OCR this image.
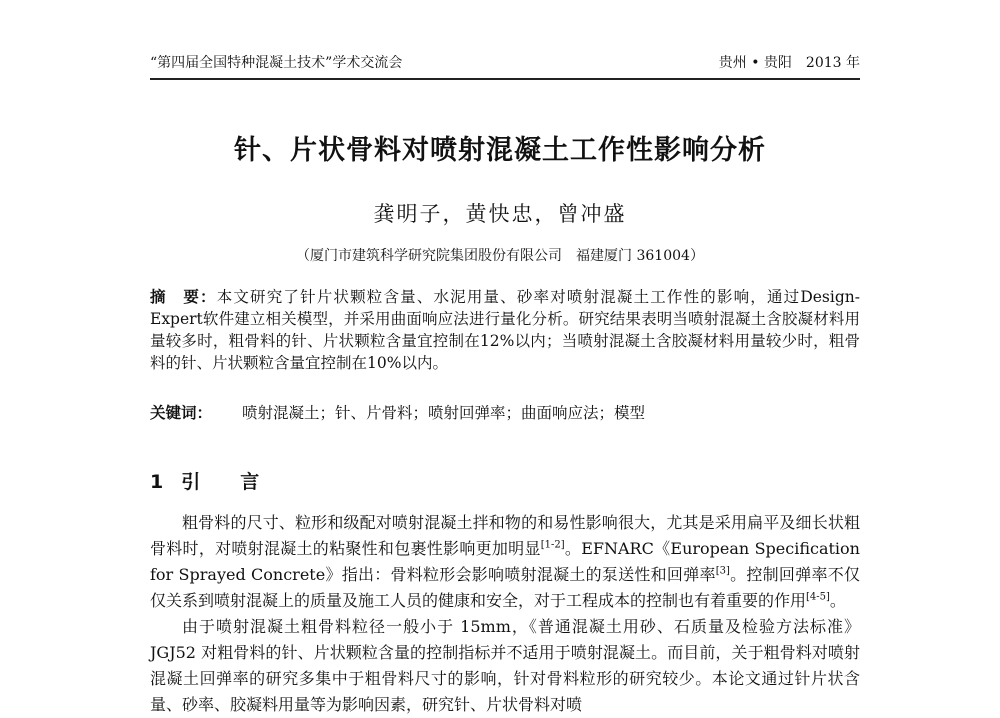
“第四届全国特种混凝土技术”学术交流会	贵州 • 贵阳　2013 年
针、片状骨料对喷射混凝土工作性影响分析
龚明子，黄快忠，曾冲盛
（厦门市建筑科学研究院集团股份有限公司　福建厦门 361004）
摘　要：本文研究了针片状颗粒含量、水泥用量、砂率对喷射混凝土工作性的影响，通过Design-Expert软件建立相关模型，并采用曲面响应法进行量化分析。研究结果表明当喷射混凝土含胶凝材料用量较多时，粗骨料的针、片状颗粒含量宜控制在12%以内；当喷射混凝土含胶凝材料用量较少时，粗骨料的针、片状颗粒含量宜控制在10%以内。
关键词： 喷射混凝土；针、片骨料；喷射回弹率；曲面响应法；模型
1 引言

粗骨料的尺寸、粒形和级配对喷射混凝土拌和物的和易性影响很大，尤其是采用扁平及细长状粗骨料时，对喷射混凝土的粘聚性和包裹性影响更加明显[1-2]。EFNARC《European Specification for Sprayed Concrete》指出：骨料粒形会影响喷射混凝土的泵送性和回弹率[3]。控制回弹率不仅仅关系到喷射混凝上的质量及施工人员的健康和安全，对于工程成本的控制也有着重要的作用[4-5]。

由于喷射混凝土粗骨料粒径一般小于 15mm，《普通混凝土用砂、石质量及检验方法标准》JGJ52 对粗骨料的针、片状颗粒含量的控制指标并不适用于喷射混凝土。而目前，关于粗骨料对喷射混凝土回弹率的研究多集中于粗骨料尺寸的影响，针对骨料粒形的研究较少。本论文通过针片状含量、砂率、胶凝料用量等为影响因素，研究针、片状骨料对喷
